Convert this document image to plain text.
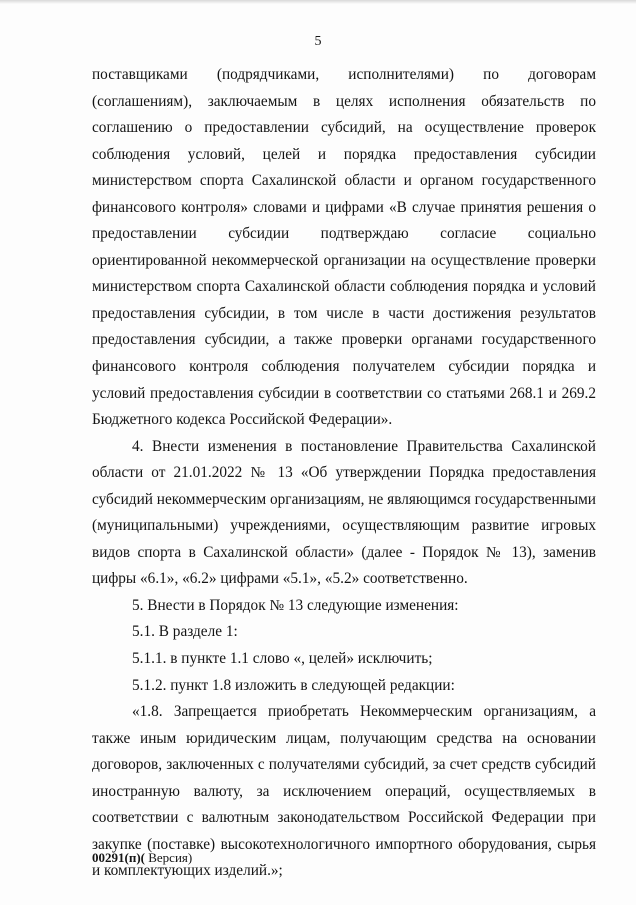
5

поставщиками (подрядчиками, исполнителями) по договорам (соглашениям), заключаемым в целях исполнения обязательств по соглашению о предоставлении субсидий, на осуществление проверок соблюдения условий, целей и порядка предоставления субсидии министерством спорта Сахалинской области и органом государственного финансового контроля» словами и цифрами «В случае принятия решения о предоставлении субсидии подтверждаю согласие социально ориентированной некоммерческой организации на осуществление проверки министерством спорта Сахалинской области соблюдения порядка и условий предоставления субсидии, в том числе в части достижения результатов предоставления субсидии, а также проверки органами государственного финансового контроля соблюдения получателем субсидии порядка и условий предоставления субсидии в соответствии со статьями 268.1 и 269.2 Бюджетного кодекса Российской Федерации».

4. Внести изменения в постановление Правительства Сахалинской области от 21.01.2022 № 13 «Об утверждении Порядка предоставления субсидий некоммерческим организациям, не являющимся государственными (муниципальными) учреждениями, осуществляющим развитие игровых видов спорта в Сахалинской области» (далее - Порядок № 13), заменив цифры «6.1», «6.2» цифрами «5.1», «5.2» соответственно.

5. Внести в Порядок № 13 следующие изменения:

5.1. В разделе 1:

5.1.1. в пункте 1.1 слово «, целей» исключить;

5.1.2. пункт 1.8 изложить в следующей редакции:

«1.8. Запрещается приобретать Некоммерческим организациям, а также иным юридическим лицам, получающим средства на основании договоров, заключенных с получателями субсидий, за счет средств субсидий иностранную валюту, за исключением операций, осуществляемых в соответствии с валютным законодательством Российской Федерации при закупке (поставке) высокотехнологичного импортного оборудования, сырья и комплектующих изделий.»;

00291(п)( Версия)
